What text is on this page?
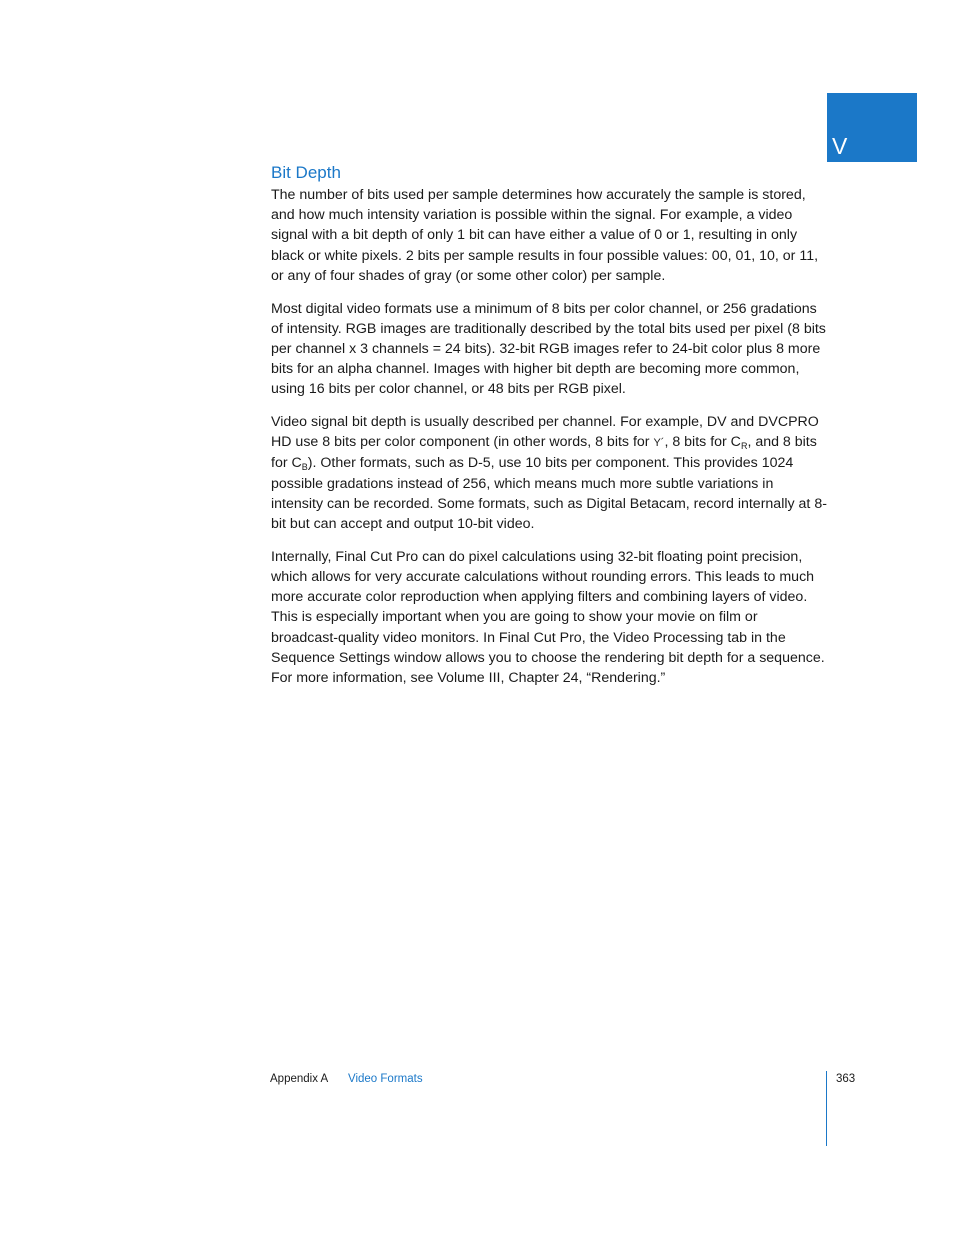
V
Bit Depth

The number of bits used per sample determines how accurately the sample is stored, and how much intensity variation is possible within the signal. For example, a video signal with a bit depth of only 1 bit can have either a value of 0 or 1, resulting in only black or white pixels. 2 bits per sample results in four possible values: 00, 01, 10, or 11, or any of four shades of gray (or some other color) per sample.

Most digital video formats use a minimum of 8 bits per color channel, or 256 gradations of intensity. RGB images are traditionally described by the total bits used per pixel (8 bits per channel x 3 channels = 24 bits). 32-bit RGB images refer to 24-bit color plus 8 more bits for an alpha channel. Images with higher bit depth are becoming more common, using 16 bits per color channel, or 48 bits per RGB pixel.

Video signal bit depth is usually described per channel. For example, DV and DVCPRO HD use 8 bits per color component (in other words, 8 bits for Y´, 8 bits for $C_R$, and 8 bits for $C_B$). Other formats, such as D-5, use 10 bits per component. This provides 1024 possible gradations instead of 256, which means much more subtle variations in intensity can be recorded. Some formats, such as Digital Betacam, record internally at 8-bit but can accept and output 10-bit video.

Internally, Final Cut Pro can do pixel calculations using 32-bit floating point precision, which allows for very accurate calculations without rounding errors. This leads to much more accurate color reproduction when applying filters and combining layers of video. This is especially important when you are going to show your movie on film or broadcast-quality video monitors. In Final Cut Pro, the Video Processing tab in the Sequence Settings window allows you to choose the rendering bit depth for a sequence. For more information, see Volume III, Chapter 24, “Rendering.”

Appendix A Video Formats	363
